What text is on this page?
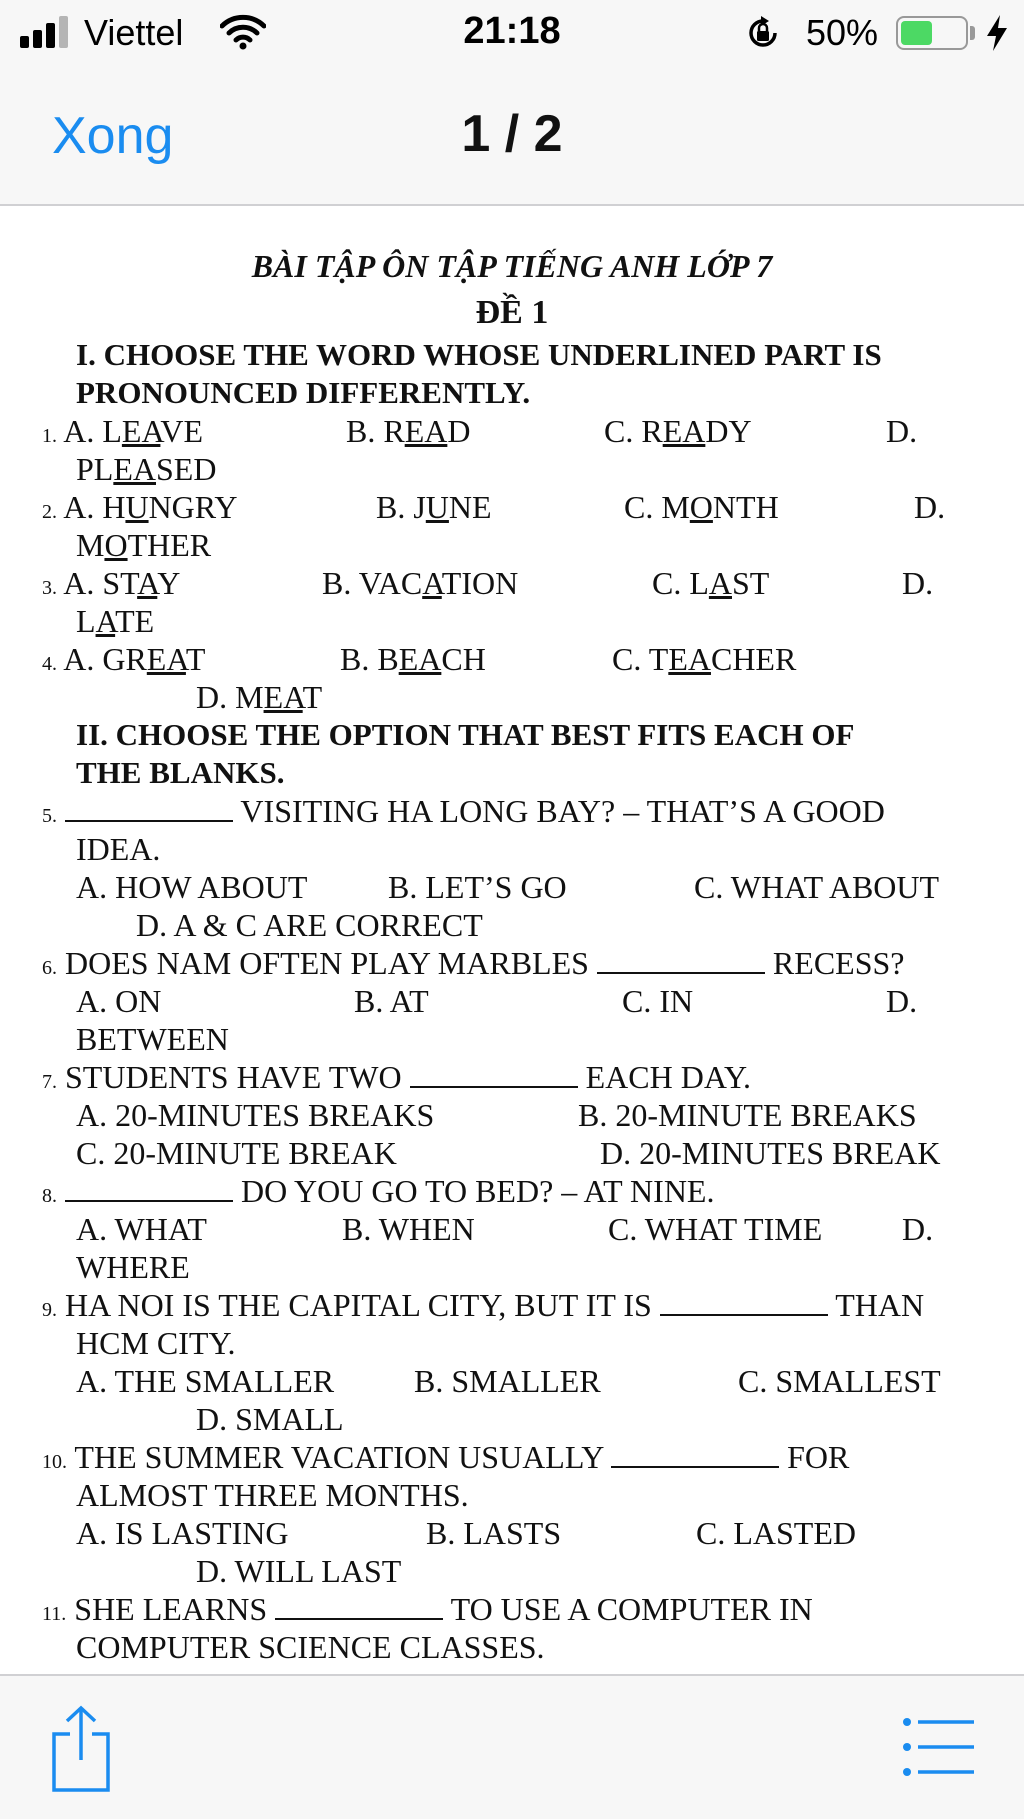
Viettel	21:18	50%
Xong	1 / 2
BÀI TẬP ÔN TẬP TIẾNG ANH LỚP 7
ĐỀ 1
I. CHOOSE THE WORD WHOSE UNDERLINED PART IS
PRONOUNCED DIFFERENTLY.
1. A. LEAVE	B. READ	C. READY	D.
PLEASED
2. A. HUNGRY	B. JUNE	C. MONTH	D.
MOTHER
3. A. STAY	B. VACATION	C. LAST	D.
LATE
4. A. GREAT	B. BEACH	C. TEACHER
D. MEAT
II. CHOOSE THE OPTION THAT BEST FITS EACH OF
THE BLANKS.
5.	VISITING HA LONG BAY? – THAT’S A GOOD
IDEA.
A. HOW ABOUT	B. LET’S GO	C. WHAT ABOUT
D. A & C ARE CORRECT
6. DOES NAM OFTEN PLAY MARBLES	RECESS?
A. ON	B. AT	C. IN	D.
BETWEEN
7. STUDENTS HAVE TWO	EACH DAY.
A. 20-MINUTES BREAKS	B. 20-MINUTE BREAKS
C. 20-MINUTE BREAK	D. 20-MINUTES BREAK
8.	DO YOU GO TO BED? – AT NINE.
A. WHAT	B. WHEN	C. WHAT TIME D.
WHERE
9. HA NOI IS THE CAPITAL CITY, BUT IT IS	THAN
HCM CITY.
A. THE SMALLER B. SMALLER	C. SMALLEST
D. SMALL
10. THE SUMMER VACATION USUALLY	FOR
ALMOST THREE MONTHS.
A. IS LASTING	B. LASTS	C. LASTED
D. WILL LAST
11. SHE LEARNS	TO USE A COMPUTER IN
COMPUTER SCIENCE CLASSES.
